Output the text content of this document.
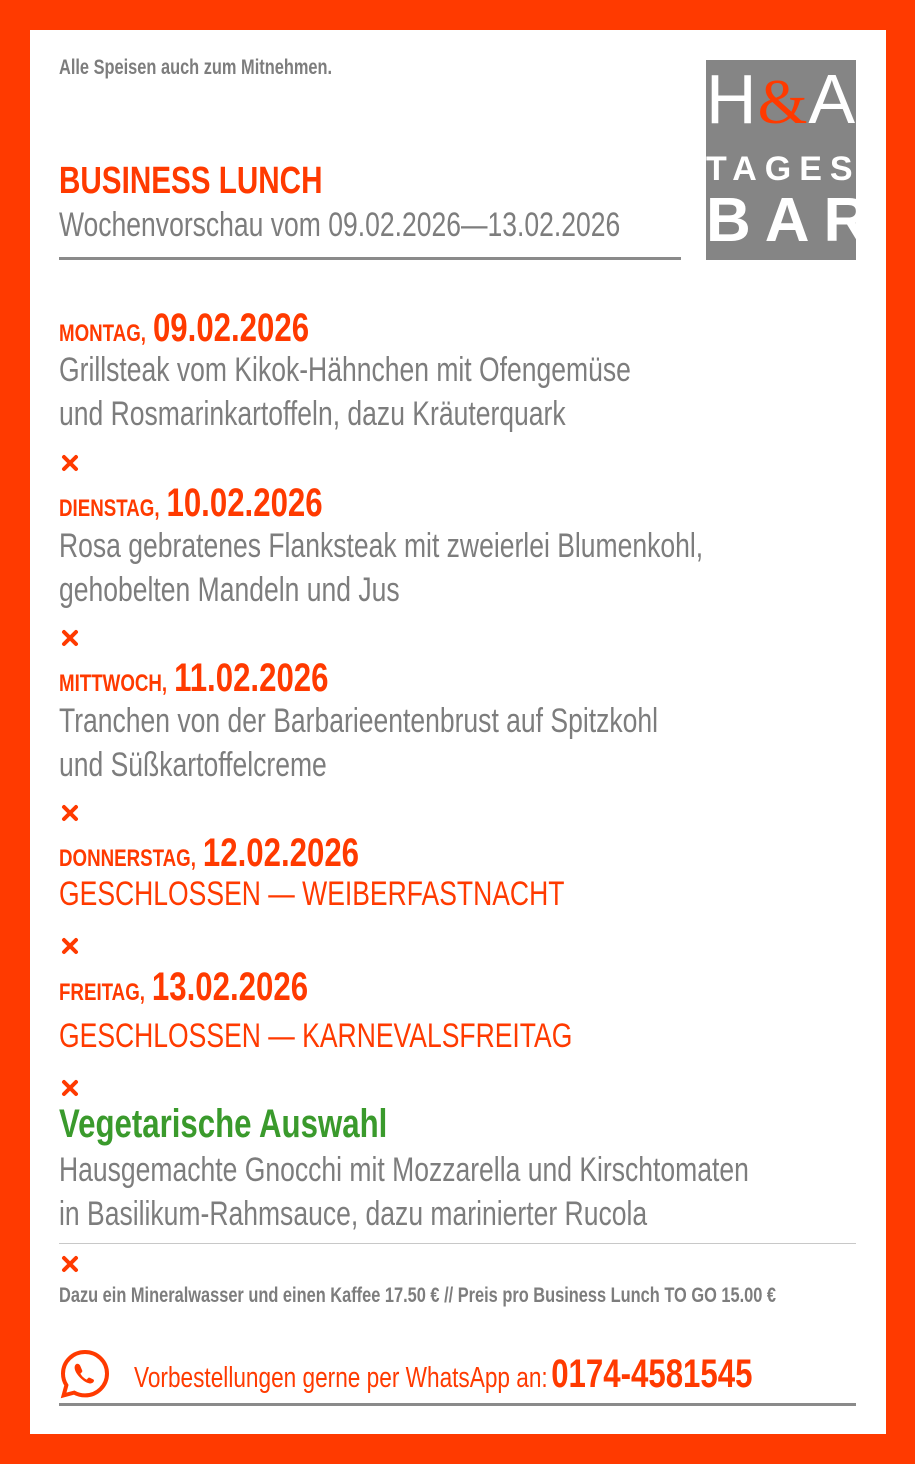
Alle Speisen auch zum Mitnehmen.
BUSINESS LUNCH
Wochenvorschau vom 09.02.2026—13.02.2026
H&A
TAGES
BAR
MONTAG, 09.02.2026
Grillsteak vom Kikok-Hähnchen mit Ofengemüse
und Rosmarinkartoffeln, dazu Kräuterquark
DIENSTAG, 10.02.2026
Rosa gebratenes Flanksteak mit zweierlei Blumenkohl,
gehobelten Mandeln und Jus
MITTWOCH, 11.02.2026
Tranchen von der Barbarieentenbrust auf Spitzkohl
und Süßkartoffelcreme
DONNERSTAG, 12.02.2026
GESCHLOSSEN — WEIBERFASTNACHT
FREITAG, 13.02.2026
GESCHLOSSEN — KARNEVALSFREITAG
Vegetarische Auswahl
Hausgemachte Gnocchi mit Mozzarella und Kirschtomaten
in Basilikum-Rahmsauce, dazu marinierter Rucola
Dazu ein Mineralwasser und einen Kaffee 17.50 € // Preis pro Business Lunch TO GO 15.00 €
Vorbestellungen gerne per WhatsApp an: 0174-4581545
